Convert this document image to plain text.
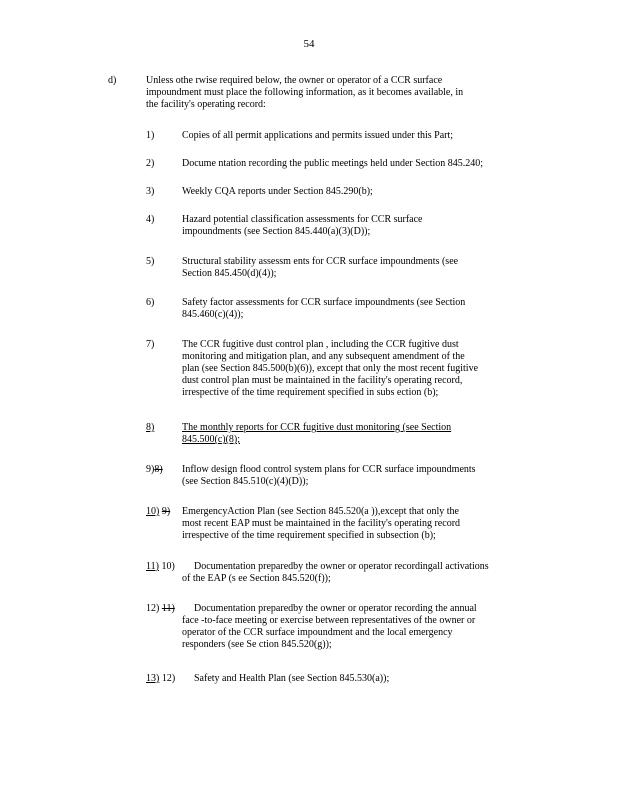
54
d)	Unless othe rwise required below, the owner or operator of a CCR surface
impoundment must place the following information, as it becomes available, in
the facility's operating record:
1)	Copies of all permit applications and permits issued under this Part;
2)	Docume ntation recording the public meetings held under Section 845.240;
3)	Weekly CQA reports under Section 845.290(b);
4)	Hazard potential classification assessments for CCR surface
impoundments (see Section 845.440(a)(3)(D));
5)	Structural stability assessm ents for CCR surface impoundments (see
Section 845.450(d)(4));
6)	Safety factor assessments for CCR surface impoundments (see Section
845.460(c)(4));
7)	The CCR fugitive dust control plan , including the CCR fugitive dust
monitoring and mitigation plan, and any subsequent amendment of the
plan (see Section 845.500(b)(6)), except that only the most recent fugitive
dust control plan must be maintained in the facility's operating record,
irrespective of the time requirement specified in subs ection (b);
8)	The monthly reports for CCR fugitive dust monitoring (see Section
845.500(c)(8);
9)8) Inflow design flood control system plans for CCR surface impoundments
(see Section 845.510(c)(4)(D));
10) 9) EmergencyAction Plan (see Section 845.520(a )),except that only the
most recent EAP must be maintained in the facility's operating record
irrespective of the time requirement specified in subsection (b);
11) 10) Documentation preparedby the owner or operator recordingall activations
of the EAP (s ee Section 845.520(f));
12) 11) Documentation preparedby the owner or operator recording the annual
face -to-face meeting or exercise between representatives of the owner or
operator of the CCR surface impoundment and the local emergency
responders (see Se ction 845.520(g));
13) 12) Safety and Health Plan (see Section 845.530(a));
